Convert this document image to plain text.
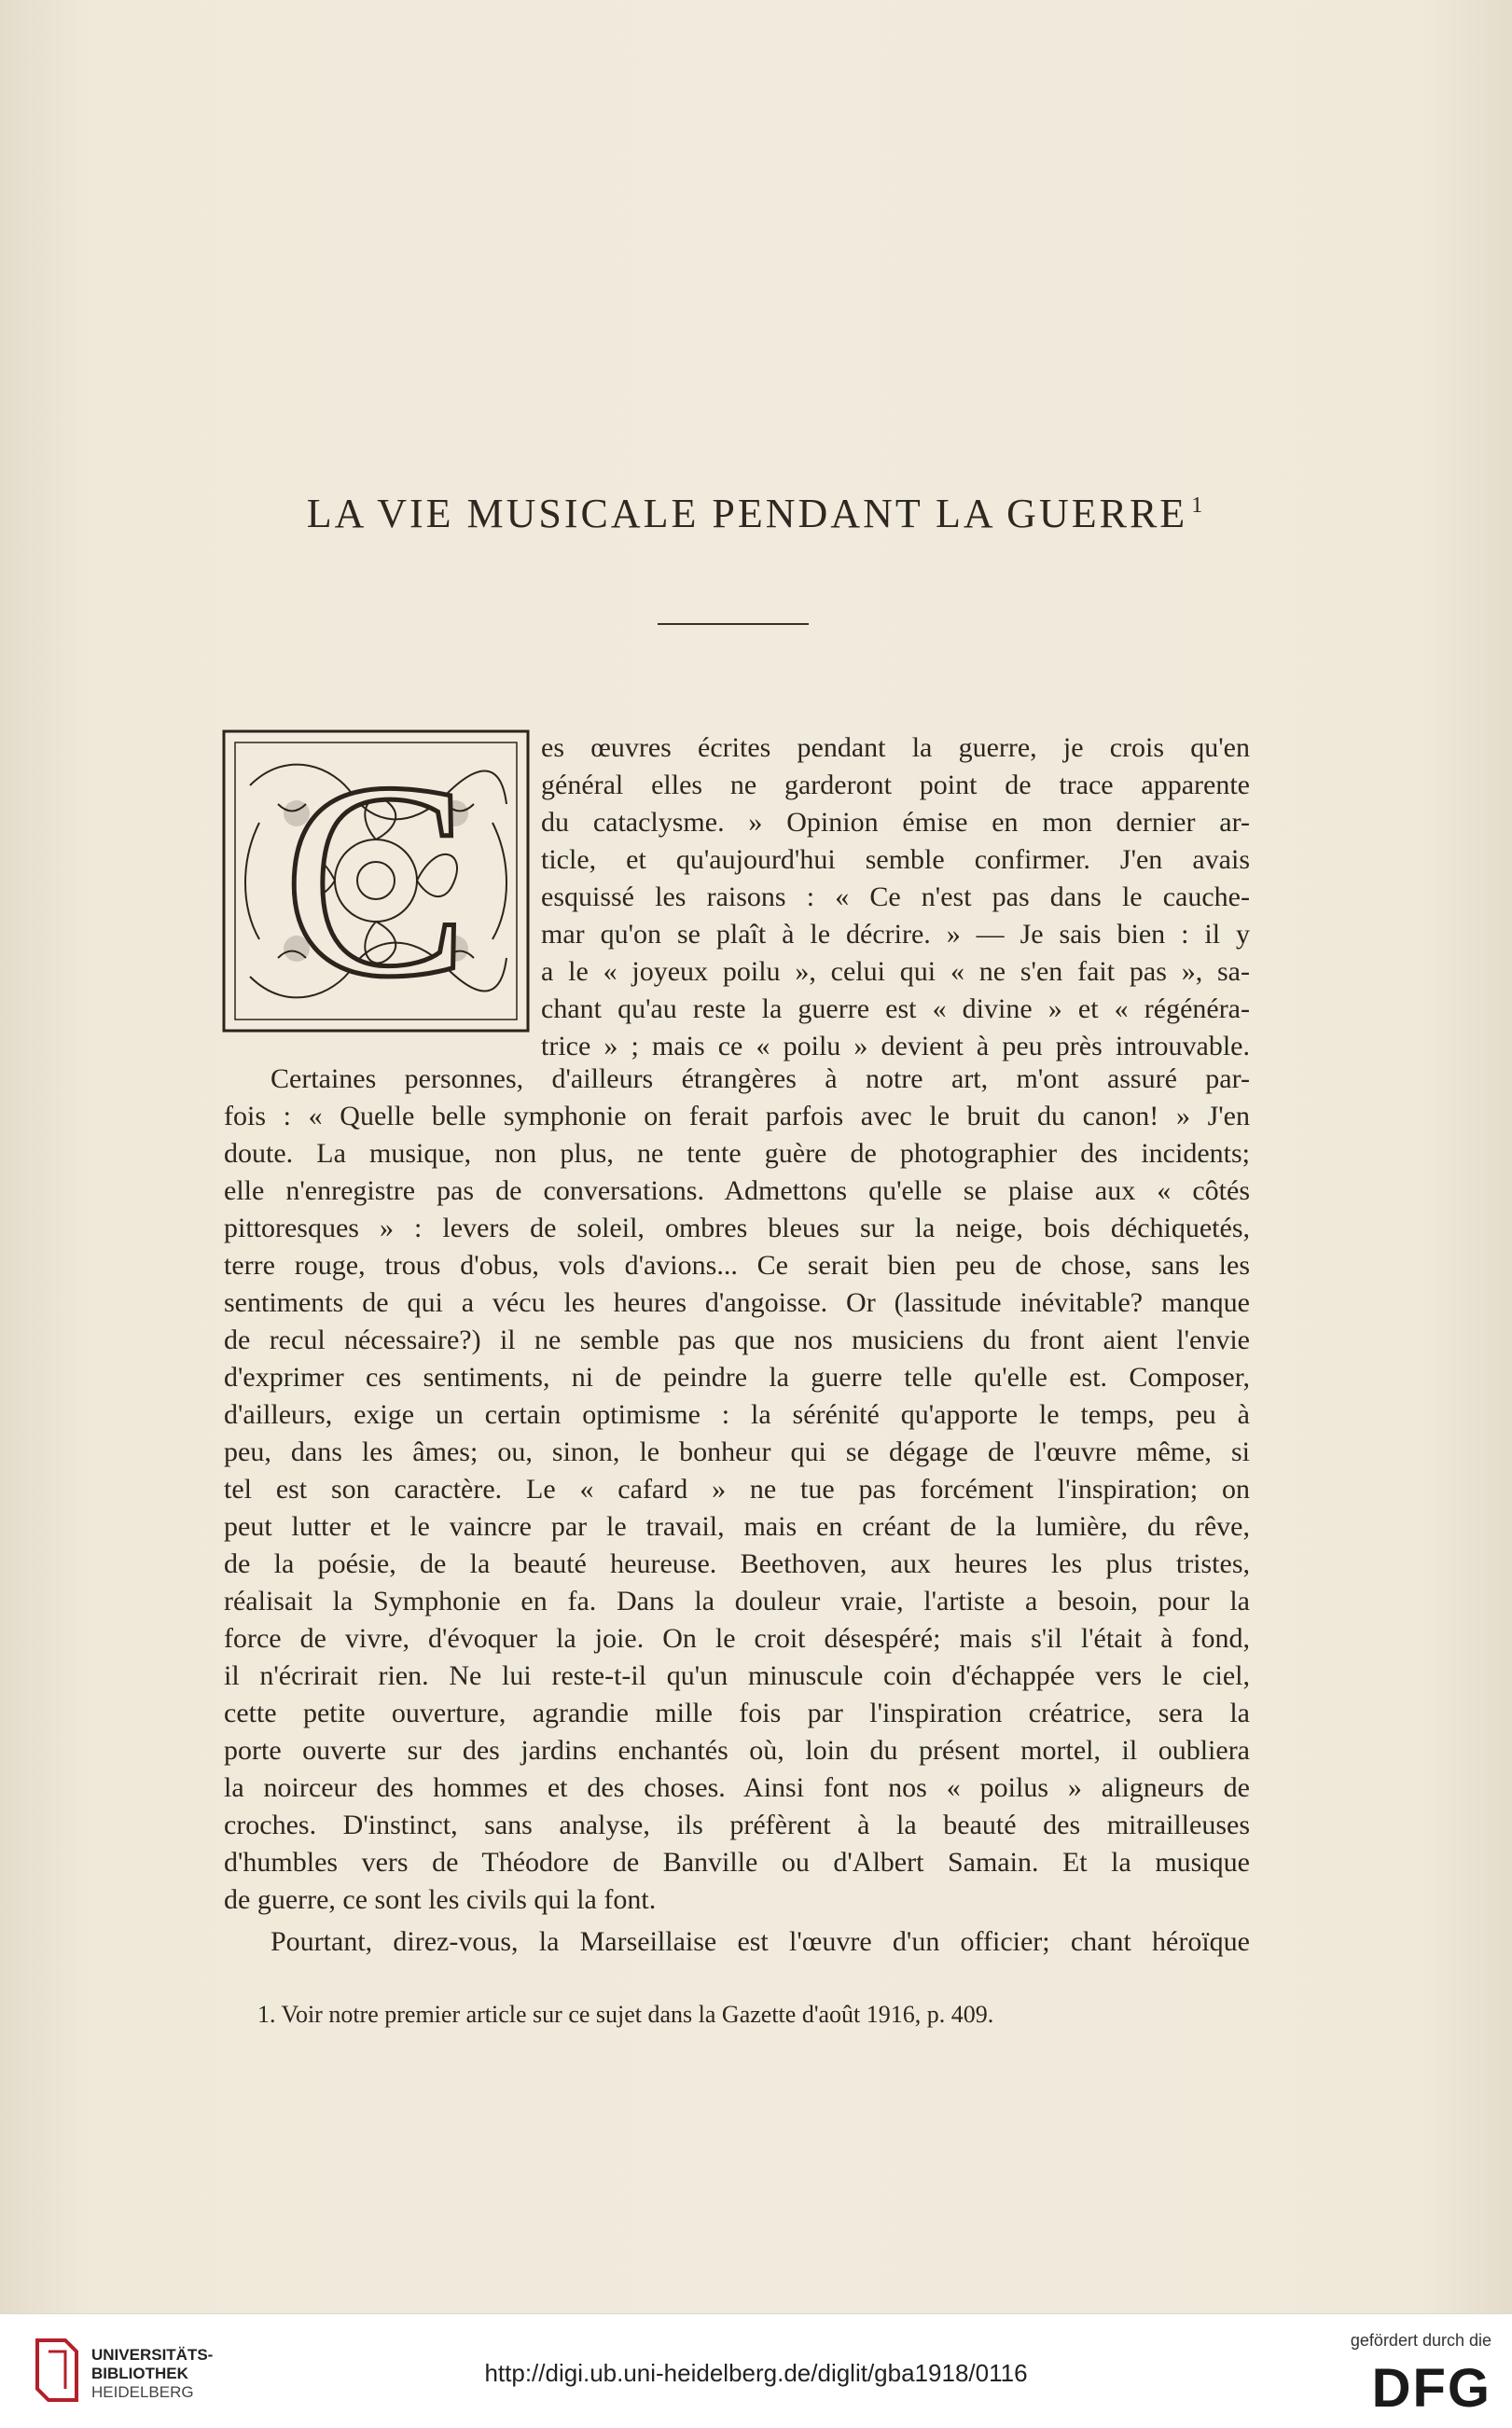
LA VIE MUSICALE PENDANT LA GUERRE $^1$
C	es œuvres écrites pendant la guerre, je crois qu'en
général elles ne garderont point de trace apparente
du cataclysme. » Opinion émise en mon dernier ar-
ticle, et qu'aujourd'hui semble confirmer. J'en avais
esquissé les raisons : « Ce n'est pas dans le cauche-
mar qu'on se plaît à le décrire. » — Je sais bien : il y
a le « joyeux poilu », celui qui « ne s'en fait pas », sa-
chant qu'au reste la guerre est « divine » et « régénéra-
trice » ; mais ce « poilu » devient à peu près introuvable.
Certaines personnes, d'ailleurs étrangères à notre art, m'ont assuré par-
fois : « Quelle belle symphonie on ferait parfois avec le bruit du canon! » J'en
doute. La musique, non plus, ne tente guère de photographier des incidents;
elle n'enregistre pas de conversations. Admettons qu'elle se plaise aux « côtés
pittoresques » : levers de soleil, ombres bleues sur la neige, bois déchiquetés,
terre rouge, trous d'obus, vols d'avions... Ce serait bien peu de chose, sans les
sentiments de qui a vécu les heures d'angoisse. Or (lassitude inévitable? manque
de recul nécessaire?) il ne semble pas que nos musiciens du front aient l'envie
d'exprimer ces sentiments, ni de peindre la guerre telle qu'elle est. Composer,
d'ailleurs, exige un certain optimisme : la sérénité qu'apporte le temps, peu à
peu, dans les âmes; ou, sinon, le bonheur qui se dégage de l'œuvre même, si
tel est son caractère. Le « cafard » ne tue pas forcément l'inspiration; on
peut lutter et le vaincre par le travail, mais en créant de la lumière, du rêve,
de la poésie, de la beauté heureuse. Beethoven, aux heures les plus tristes,
réalisait la Symphonie en fa. Dans la douleur vraie, l'artiste a besoin, pour la
force de vivre, d'évoquer la joie. On le croit désespéré; mais s'il l'était à fond,
il n'écrirait rien. Ne lui reste-t-il qu'un minuscule coin d'échappée vers le ciel,
cette petite ouverture, agrandie mille fois par l'inspiration créatrice, sera la
porte ouverte sur des jardins enchantés où, loin du présent mortel, il oubliera
la noirceur des hommes et des choses. Ainsi font nos « poilus » aligneurs de
croches. D'instinct, sans analyse, ils préfèrent à la beauté des mitrailleuses
d'humbles vers de Théodore de Banville ou d'Albert Samain. Et la musique
de guerre, ce sont les civils qui la font.
Pourtant, direz-vous, la Marseillaise est l'œuvre d'un officier; chant héroïque
1. Voir notre premier article sur ce sujet dans la Gazette d'août 1916, p. 409.
UNIVERSITÄTS-
BIBLIOTHEK
HEIDELBERG
http://digi.ub.uni-heidelberg.de/diglit/gba1918/0116
gefördert durch die
DFG
